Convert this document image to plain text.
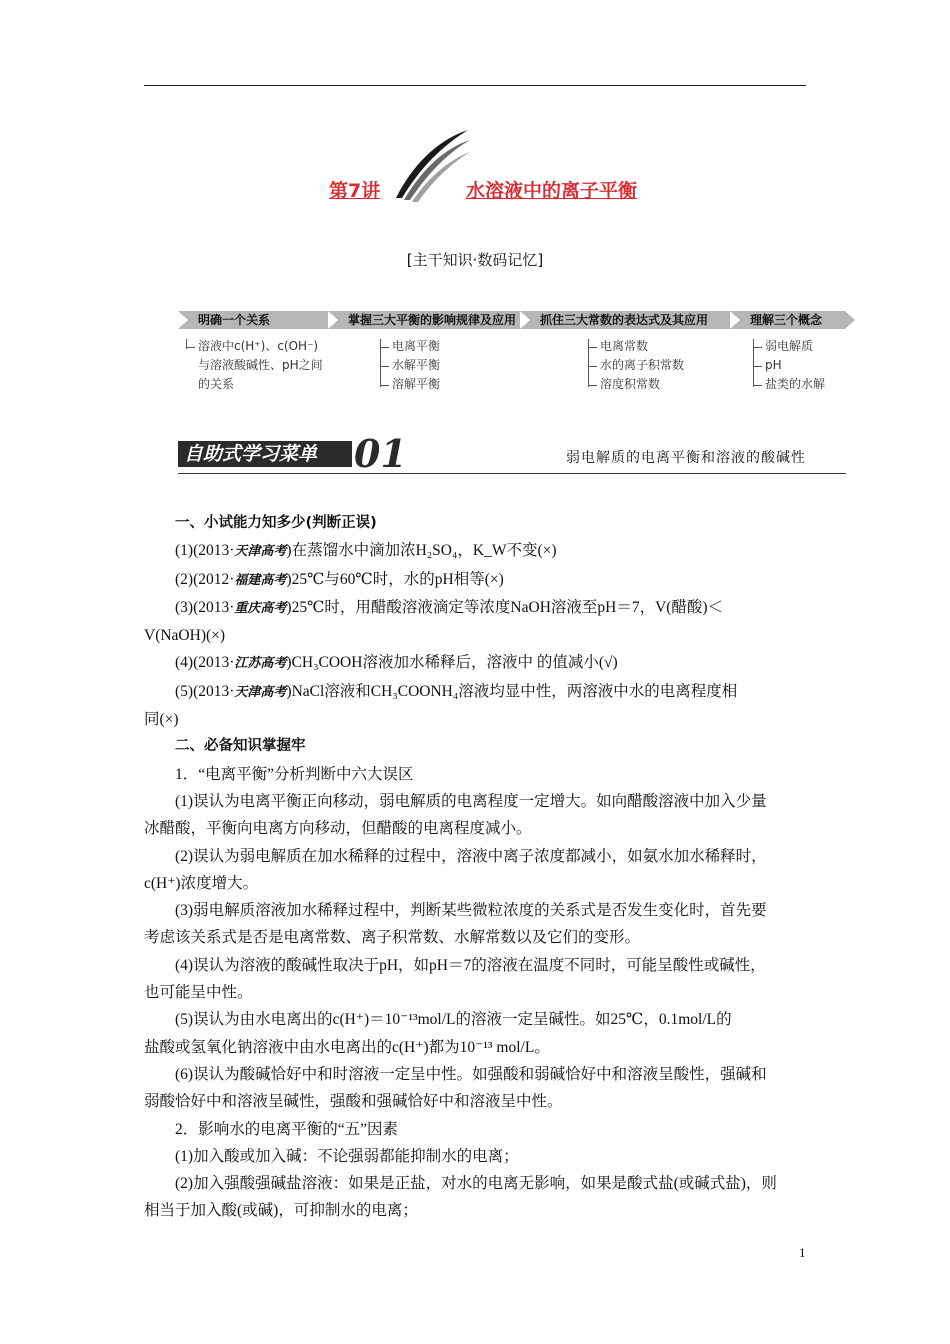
第7讲	水溶液中的离子平衡
[主干知识·数码记忆]
明确一个关系	掌握三大平衡的影响规律及应用 抓住三大常数的表达式及其应用	理解三个概念
溶液中c(H⁺)、c(OH⁻)
与溶液酸碱性、pH之间
的关系
电离平衡
水解平衡
溶解平衡
电离常数
水的离子积常数
溶度积常数
弱电解质
pH
盐类的水解
自助式学习菜单 01	弱电解质的电离平衡和溶液的酸碱性

一、小试能力知多少(判断正误)

(1)(2013·天津高考)在蒸馏水中滴加浓H₂SO₄，K_W不变(×)

(2)(2012·福建高考)25℃与60℃时，水的pH相等(×)

(3)(2013·重庆高考)25℃时，用醋酸溶液滴定等浓度NaOH溶液至pH＝7，V(醋酸)＜

V(NaOH)(×)

(4)(2013·江苏高考)CH₃COOH溶液加水稀释后，溶液中 的值减小(√)

(5)(2013·天津高考)NaCl溶液和CH₃COONH₄溶液均显中性，两溶液中水的电离程度相

同(×)

二、必备知识掌握牢

1．“电离平衡”分析判断中六大误区

(1)误认为电离平衡正向移动，弱电解质的电离程度一定增大。如向醋酸溶液中加入少量

冰醋酸，平衡向电离方向移动，但醋酸的电离程度减小。

(2)误认为弱电解质在加水稀释的过程中，溶液中离子浓度都减小，如氨水加水稀释时，

c(H⁺)浓度增大。

(3)弱电解质溶液加水稀释过程中，判断某些微粒浓度的关系式是否发生变化时，首先要

考虑该关系式是否是电离常数、离子积常数、水解常数以及它们的变形。

(4)误认为溶液的酸碱性取决于pH，如pH＝7的溶液在温度不同时，可能呈酸性或碱性，

也可能呈中性。

(5)误认为由水电离出的c(H⁺)＝10⁻¹³mol/L的溶液一定呈碱性。如25℃，0.1mol/L的

盐酸或氢氧化钠溶液中由水电离出的c(H⁺)都为10⁻¹³ mol/L。

(6)误认为酸碱恰好中和时溶液一定呈中性。如强酸和弱碱恰好中和溶液呈酸性，强碱和

弱酸恰好中和溶液呈碱性，强酸和强碱恰好中和溶液呈中性。

2．影响水的电离平衡的“五”因素

(1)加入酸或加入碱：不论强弱都能抑制水的电离；

(2)加入强酸强碱盐溶液：如果是正盐，对水的电离无影响，如果是酸式盐(或碱式盐)，则

相当于加入酸(或碱)，可抑制水的电离；

1
